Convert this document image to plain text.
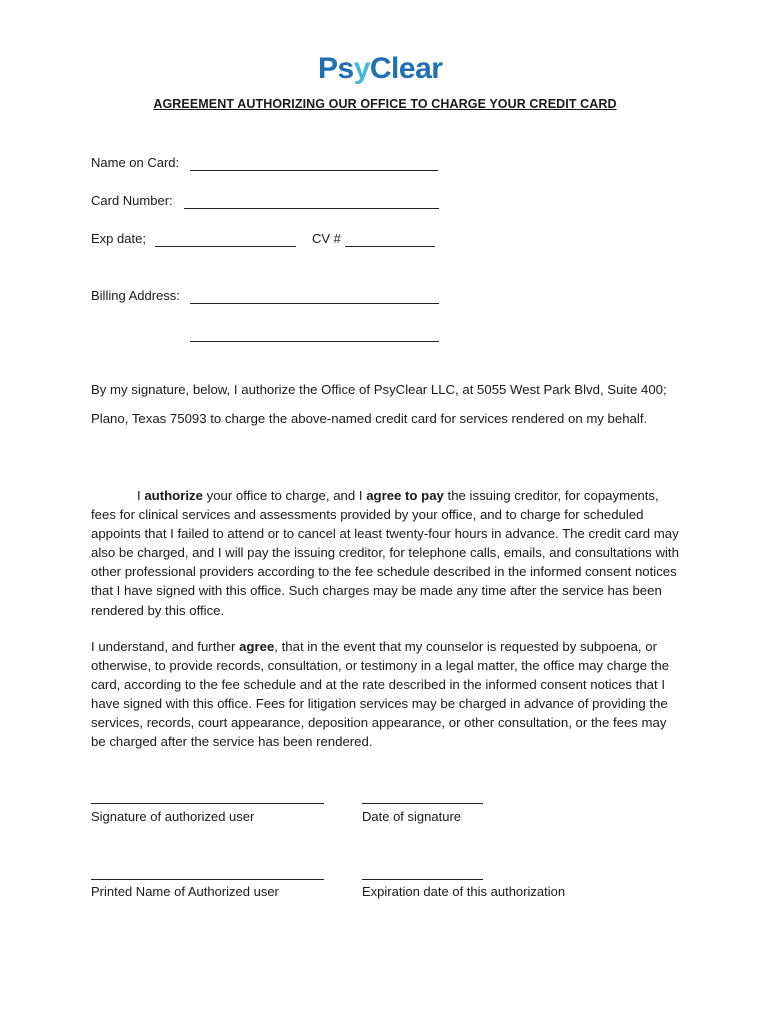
PsyClear
AGREEMENT AUTHORIZING OUR OFFICE TO CHARGE YOUR CREDIT CARD
Name on Card:
Card Number:
Exp date;	CV #
Billing Address:
By my signature, below, I authorize the Office of PsyClear LLC, at 5055 West Park Blvd, Suite 400; Plano, Texas 75093 to charge the above-named credit card for services rendered on my behalf.
I authorize your office to charge, and I agree to pay the issuing creditor, for copayments, fees for clinical services and assessments provided by your office, and to charge for scheduled appoints that I failed to attend or to cancel at least twenty-four hours in advance. The credit card may also be charged, and I will pay the issuing creditor, for telephone calls, emails, and consultations with other professional providers according to the fee schedule described in the informed consent notices that I have signed with this office. Such charges may be made any time after the service has been rendered by this office.
I understand, and further agree, that in the event that my counselor is requested by subpoena, or otherwise, to provide records, consultation, or testimony in a legal matter, the office may charge the card, according to the fee schedule and at the rate described in the informed consent notices that I have signed with this office. Fees for litigation services may be charged in advance of providing the services, records, court appearance, deposition appearance, or other consultation, or the fees may be charged after the service has been rendered.
Signature of authorized user	Date of signature
Printed Name of Authorized user	Expiration date of this authorization
